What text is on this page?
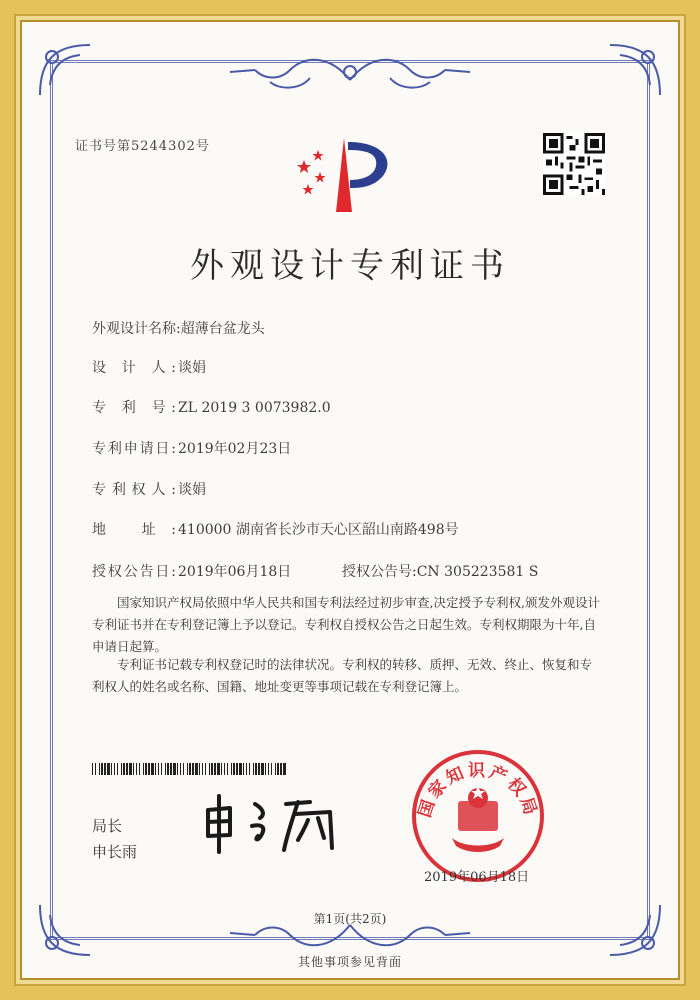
证书号第5244302号
外观设计专利证书
外观设计名称:超薄台盆龙头
设 计 人: 谈娟
专 利 号: ZL 2019 3 0073982.0
专利申请日: 2019年02月23日
专利权人: 谈娟
地 址: 410000 湖南省长沙市天心区韶山南路498号
授权公告日: 2019年06月18日	授权公告号:CN 305223581 S
国家知识产权局依照中华人民共和国专利法经过初步审查,决定授予专利权,颁发外观设计专利证书并在专利登记簿上予以登记。专利权自授权公告之日起生效。专利权期限为十年,自申请日起算。
专利证书记载专利权登记时的法律状况。专利权的转移、质押、无效、终止、恢复和专利权人的姓名或名称、国籍、地址变更等事项记载在专利登记簿上。
局长
申长雨
国家知识产权局
2019年06月18日
第1页(共2页)
其他事项参见背面
